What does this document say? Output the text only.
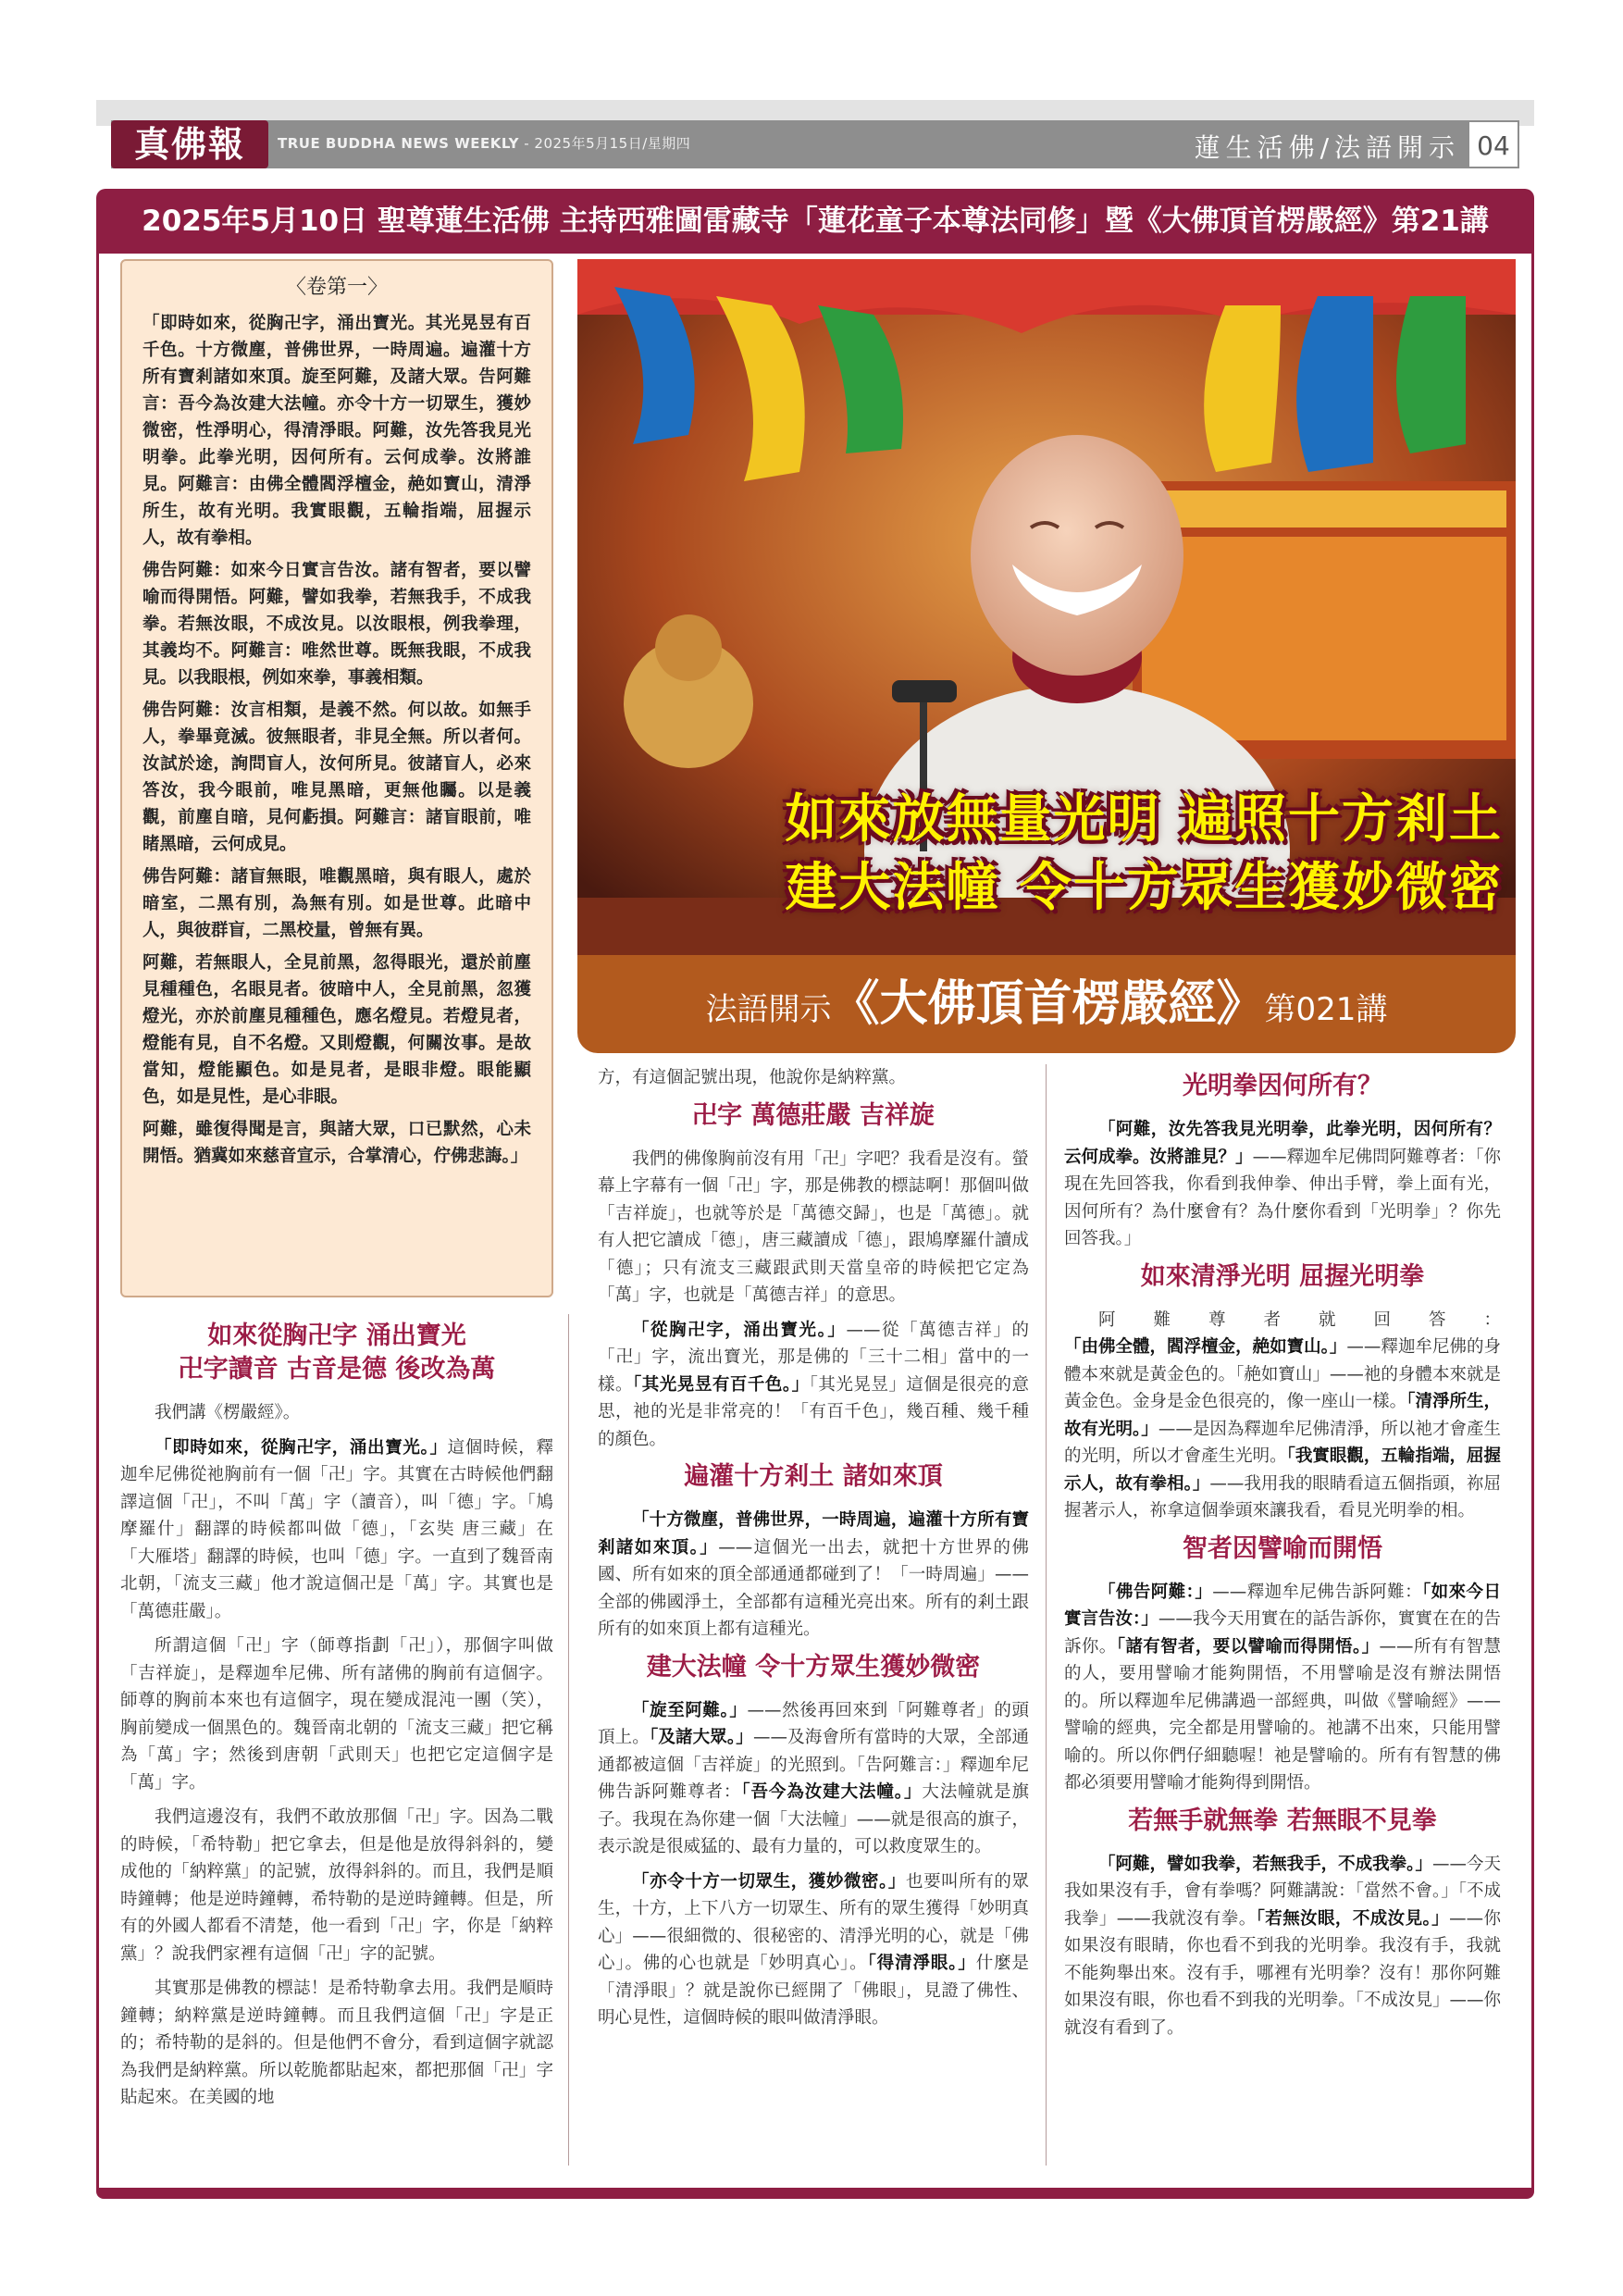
真佛報	TRUE BUDDHA NEWS WEEKLY - 2025年5月15日/星期四	蓮生活佛/法語開示 04
2025年5月10日 聖尊蓮生活佛 主持西雅圖雷藏寺「蓮花童子本尊法同修」暨《大佛頂首楞嚴經》第21講
〈卷第一〉

「即時如來，從胸卍字，涌出寶光。其光晃昱有百千色。十方微塵，普佛世界，一時周遍。遍灌十方所有寶剎諸如來頂。旋至阿難，及諸大眾。告阿難言：吾今為汝建大法幢。亦令十方一切眾生，獲妙微密，性淨明心，得清淨眼。阿難，汝先答我見光明拳。此拳光明，因何所有。云何成拳。汝將誰見。阿難言：由佛全體閻浮檀金，赩如寶山，清淨所生，故有光明。我實眼觀，五輪指端，屈握示人，故有拳相。

佛告阿難：如來今日實言告汝。諸有智者，要以譬喻而得開悟。阿難，譬如我拳，若無我手，不成我拳。若無汝眼，不成汝見。以汝眼根，例我拳理，其義均不。阿難言：唯然世尊。既無我眼，不成我見。以我眼根，例如來拳，事義相類。

佛告阿難：汝言相類，是義不然。何以故。如無手人，拳畢竟滅。彼無眼者，非見全無。所以者何。汝試於途，詢問盲人，汝何所見。彼諸盲人，必來答汝，我今眼前，唯見黑暗，更無他矚。以是義觀，前塵自暗，見何虧損。阿難言：諸盲眼前，唯睹黑暗，云何成見。

佛告阿難：諸盲無眼，唯觀黑暗，與有眼人，處於暗室，二黑有別，為無有別。如是世尊。此暗中人，與彼群盲，二黑校量，曾無有異。

阿難，若無眼人，全見前黑，忽得眼光，還於前塵見種種色，名眼見者。彼暗中人，全見前黑，忽獲燈光，亦於前塵見種種色，應名燈見。若燈見者，燈能有見，自不名燈。又則燈觀，何關汝事。是故當知，燈能顯色。如是見者，是眼非燈。眼能顯色，如是見性，是心非眼。

阿難，雖復得聞是言，與諸大眾，口已默然，心未開悟。猶冀如來慈音宣示，合掌清心，佇佛悲誨。」

如來放無量光明 遍照十方剎土
建大法幢 令十方眾生獲妙微密
法語開示《大佛頂首楞嚴經》第021講
如來從胸卍字 涌出寶光
卍字讀音 古音是德 後改為萬

我們講《楞嚴經》。

「即時如來，從胸卍字，涌出寶光。」這個時候，釋迦牟尼佛從祂胸前有一個「卍」字。其實在古時候他們翻譯這個「卍」，不叫「萬」字（讀音），叫「德」字。「鳩摩羅什」翻譯的時候都叫做「德」，「玄奘 唐三藏」在「大雁塔」翻譯的時候，也叫「德」字。一直到了魏晉南北朝，「流支三藏」他才說這個卍是「萬」字。其實也是「萬德莊嚴」。

所謂這個「卍」字（師尊指劃「卍」），那個字叫做「吉祥旋」，是釋迦牟尼佛、所有諸佛的胸前有這個字。師尊的胸前本來也有這個字，現在變成混沌一團（笑），胸前變成一個黑色的。魏晉南北朝的「流支三藏」把它稱為「萬」字；然後到唐朝「武則天」也把它定這個字是「萬」字。

我們這邊沒有，我們不敢放那個「卍」字。因為二戰的時候，「希特勒」把它拿去，但是他是放得斜斜的，變成他的「納粹黨」的記號，放得斜斜的。而且，我們是順時鐘轉；他是逆時鐘轉，希特勒的是逆時鐘轉。但是，所有的外國人都看不清楚，他一看到「卍」字，你是「納粹黨」？說我們家裡有這個「卍」字的記號。

其實那是佛教的標誌！是希特勒拿去用。我們是順時鐘轉；納粹黨是逆時鐘轉。而且我們這個「卍」字是正的；希特勒的是斜的。但是他們不會分，看到這個字就認為我們是納粹黨。所以乾脆都貼起來，都把那個「卍」字貼起來。在美國的地

方，有這個記號出現，他說你是納粹黨。

卍字 萬德莊嚴 吉祥旋

我們的佛像胸前沒有用「卍」字吧？我看是沒有。螢幕上字幕有一個「卍」字，那是佛教的標誌啊！那個叫做「吉祥旋」，也就等於是「萬德交歸」，也是「萬德」。就有人把它讀成「德」，唐三藏讀成「德」，跟鳩摩羅什讀成「德」；只有流支三藏跟武則天當皇帝的時候把它定為「萬」字，也就是「萬德吉祥」的意思。

「從胸卍字，涌出寶光。」——從「萬德吉祥」的「卍」字，流出寶光，那是佛的「三十二相」當中的一樣。「其光晃昱有百千色。」「其光晃昱」這個是很亮的意思，祂的光是非常亮的！「有百千色」，幾百種、幾千種的顏色。

遍灌十方剎土 諸如來頂

「十方微塵，普佛世界，一時周遍，遍灌十方所有寶剎諸如來頂。」——這個光一出去，就把十方世界的佛國、所有如來的頂全部通通都碰到了！「一時周遍」——全部的佛國淨土，全部都有這種光亮出來。所有的剎土跟所有的如來頂上都有這種光。

建大法幢 令十方眾生獲妙微密

「旋至阿難。」——然後再回來到「阿難尊者」的頭頂上。「及諸大眾。」——及海會所有當時的大眾，全部通通都被這個「吉祥旋」的光照到。「告阿難言：」釋迦牟尼佛告訴阿難尊者：「吾今為汝建大法幢。」大法幢就是旗子。我現在為你建一個「大法幢」——就是很高的旗子，表示說是很威猛的、最有力量的，可以救度眾生的。

「亦令十方一切眾生，獲妙微密。」也要叫所有的眾生，十方，上下八方一切眾生、所有的眾生獲得「妙明真心」——很細微的、很秘密的、清淨光明的心，就是「佛心」。佛的心也就是「妙明真心」。「得清淨眼。」什麼是「清淨眼」？就是說你已經開了「佛眼」，見證了佛性、明心見性，這個時候的眼叫做清淨眼。

光明拳因何所有？

「阿難，汝先答我見光明拳，此拳光明，因何所有？云何成拳。汝將誰見？」——釋迦牟尼佛問阿難尊者：「你現在先回答我，你看到我伸拳、伸出手臂，拳上面有光，因何所有？為什麼會有？為什麼你看到「光明拳」？你先回答我。」

如來清淨光明 屈握光明拳

阿難尊者就回答：「由佛全體，閻浮檀金，赩如寶山。」——釋迦牟尼佛的身體本來就是黃金色的。「赩如寶山」——祂的身體本來就是黃金色。金身是金色很亮的，像一座山一樣。「清淨所生，故有光明。」——是因為釋迦牟尼佛清淨，所以祂才會產生的光明，所以才會產生光明。「我實眼觀，五輪指端，屈握示人，故有拳相。」——我用我的眼睛看這五個指頭，祢屈握著示人，祢拿這個拳頭來讓我看，看見光明拳的相。

智者因譬喻而開悟

「佛告阿難：」——釋迦牟尼佛告訴阿難：「如來今日實言告汝：」——我今天用實在的話告訴你，實實在在的告訴你。「諸有智者，要以譬喻而得開悟。」——所有有智慧的人，要用譬喻才能夠開悟，不用譬喻是沒有辦法開悟的。所以釋迦牟尼佛講過一部經典，叫做《譬喻經》——譬喻的經典，完全都是用譬喻的。祂講不出來，只能用譬喻的。所以你們仔細聽喔！祂是譬喻的。所有有智慧的佛都必須要用譬喻才能夠得到開悟。

若無手就無拳 若無眼不見拳

「阿難，譬如我拳，若無我手，不成我拳。」——今天我如果沒有手，會有拳嗎？阿難講說：「當然不會。」「不成我拳」——我就沒有拳。「若無汝眼，不成汝見。」——你如果沒有眼睛，你也看不到我的光明拳。我沒有手，我就不能夠舉出來。沒有手，哪裡有光明拳？沒有！那你阿難如果沒有眼，你也看不到我的光明拳。「不成汝見」——你就沒有看到了。
